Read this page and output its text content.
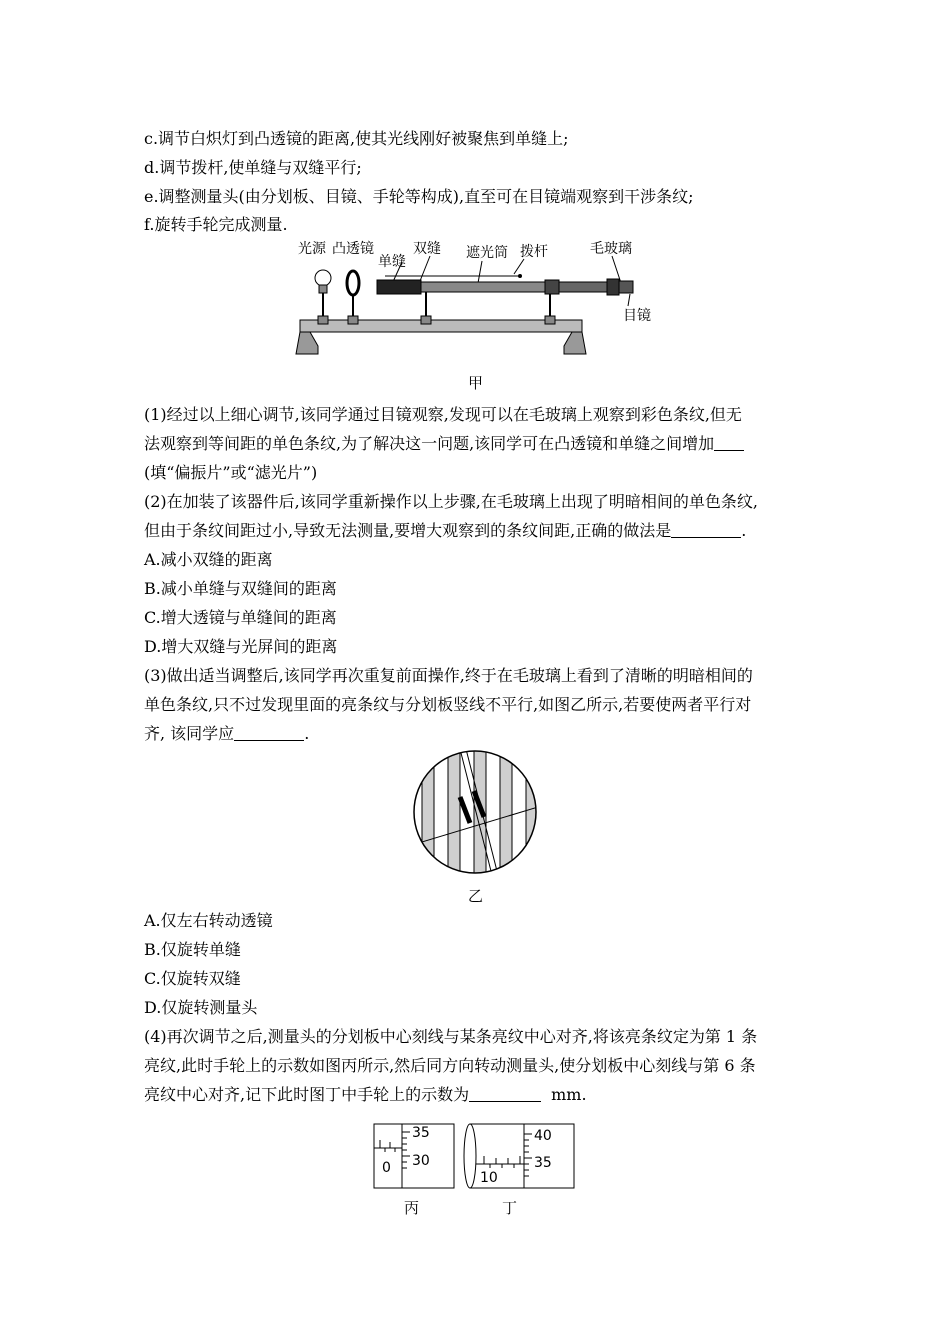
c.调节白炽灯到凸透镜的距离,使其光线刚好被聚焦到单缝上;
d.调节拨杆,使单缝与双缝平行;
e.调整测量头(由分划板、目镜、手轮等构成),直至可在目镜端观察到干涉条纹;
f.旋转手轮完成测量.
光源 凸透镜
单缝
双缝 遮光筒 拨杆	毛玻璃
目镜
甲
(1)经过以上细心调节,该同学通过目镜观察,发现可以在毛玻璃上观察到彩色条纹,但无
法观察到等间距的单色条纹,为了解决这一问题,该同学可在凸透镜和单缝之间增加
(填“偏振片”或“滤光片”)
(2)在加装了该器件后,该同学重新操作以上步骤,在毛玻璃上出现了明暗相间的单色条纹,
但由于条纹间距过小,导致无法测量,要增大观察到的条纹间距,正确的做法是	.
A.减小双缝的距离
B.减小单缝与双缝间的距离
C.增大透镜与单缝间的距离
D.增大双缝与光屏间的距离
(3)做出适当调整后,该同学再次重复前面操作,终于在毛玻璃上看到了清晰的明暗相间的
单色条纹,只不过发现里面的亮条纹与分划板竖线不平行,如图乙所示,若要使两者平行对
齐, 该同学应	.
乙
A.仅左右转动透镜
B.仅旋转单缝
C.仅旋转双缝
D.仅旋转测量头
(4)再次调节之后,测量头的分划板中心刻线与某条亮纹中心对齐,将该亮条纹定为第 1 条
亮纹,此时手轮上的示数如图丙所示,然后同方向转动测量头,使分划板中心刻线与第 6 条
亮纹中心对齐,记下此时图丁中手轮上的示数为	mm.
0
35
30
丙
10
40
35
丁
